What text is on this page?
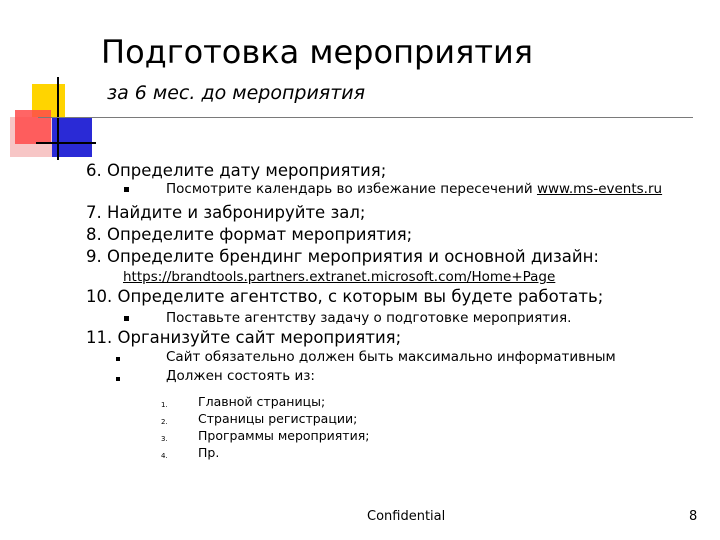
Подготовка мероприятия
за 6 мес. до мероприятия
6. Определите дату мероприятия;
Посмотрите календарь во избежание пересечений www.ms-events.ru
7. Найдите и забронируйте зал;
8. Определите формат мероприятия;
9. Определите брендинг мероприятия и основной дизайн:
https://brandtools.partners.extranet.microsoft.com/Home+Page
10. Определите агентство, с которым вы будете работать;
Поставьте агентству задачу о подготовке мероприятия.
11. Организуйте сайт мероприятия;
Сайт обязательно должен быть максимально информативным
Должен состоять из:
1. Главной страницы;
2. Страницы регистрации;
3. Программы мероприятия;
4. Пр.
Confidential	8
